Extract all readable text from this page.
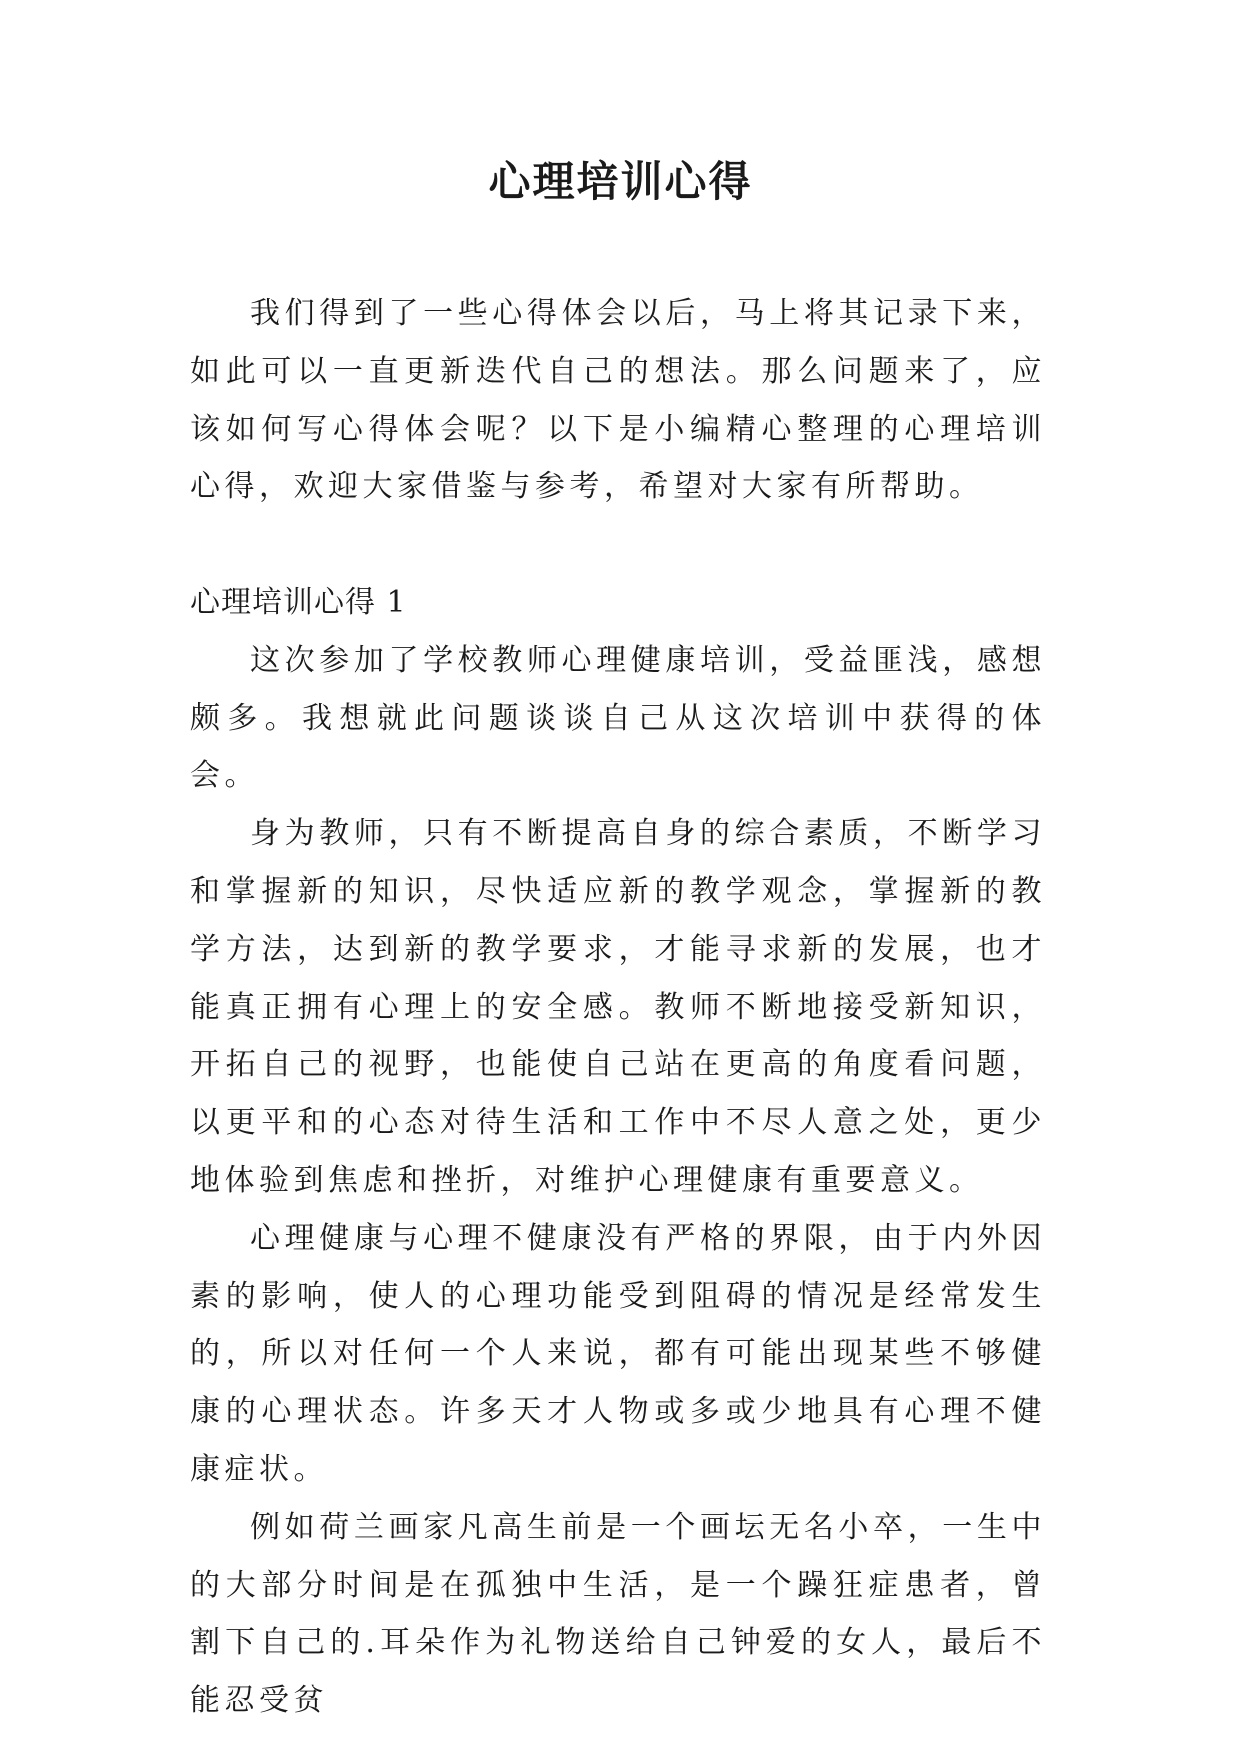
心理培训心得

我们得到了一些心得体会以后，马上将其记录下来，如此可以一直更新迭代自己的想法。那么问题来了，应该如何写心得体会呢？以下是小编精心整理的心理培训心得，欢迎大家借鉴与参考，希望对大家有所帮助。

心理培训心得 1

这次参加了学校教师心理健康培训，受益匪浅，感想颇多。我想就此问题谈谈自己从这次培训中获得的体会。

身为教师，只有不断提高自身的综合素质，不断学习和掌握新的知识，尽快适应新的教学观念，掌握新的教学方法，达到新的教学要求，才能寻求新的发展，也才能真正拥有心理上的安全感。教师不断地接受新知识，开拓自己的视野，也能使自己站在更高的角度看问题，以更平和的心态对待生活和工作中不尽人意之处，更少地体验到焦虑和挫折，对维护心理健康有重要意义。

心理健康与心理不健康没有严格的界限，由于内外因素的影响，使人的心理功能受到阻碍的情况是经常发生的，所以对任何一个人来说，都有可能出现某些不够健康的心理状态。许多天才人物或多或少地具有心理不健康症状。

例如荷兰画家凡高生前是一个画坛无名小卒，一生中的大部分时间是在孤独中生活，是一个躁狂症患者，曾割下自己的.耳朵作为礼物送给自己钟爱的女人，最后不能忍受贫
